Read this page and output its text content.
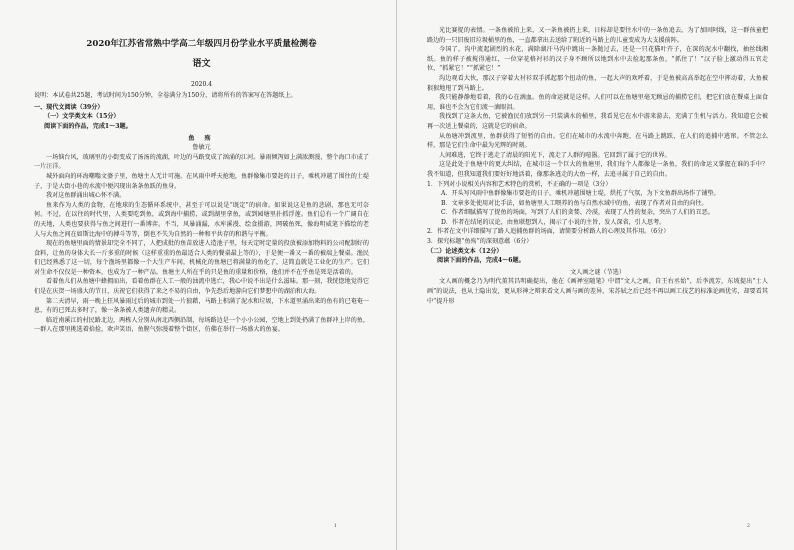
2020年江苏省常熟中学高二年级四月份学业水平质量检测卷
语文
2020.4
说明：本试卷共25题，考试时间为150分钟，全卷满分为150分，请将所有的答案写在答题纸上。
一、现代文阅读（39分）
（一）文学类文本（15分）
阅读下面的作品，完成1～3题。
鱼 殇
鲁敏元

一场恼台风，玻璃里的小街变成了汤汤的流湖，叶边的马路变成了汹涌的江河。暴雨倾泻如上满浓测漫，整个海口市成了一片汪洋。

城外面向的环海嘲嗡文婆子里，鱼塘主人无计可施。在风雨中呼天抢地，鱼群像集市要赶的日子，乘机冲越了围往的土堤子，于是大街小巷的水流中便闪现出条条鱼跃的鱼身。

我对这鱼群涌出城心怀不满。

鱼来作为人类的食物，在地球的生态循环系统中，甚至于可以说是“既定”的宿命。如果说这是鱼的悲剧，那也无可奈何。不过，在以往的时代里，人类要吃到鱼，或到海中捕捞，或到湖里拿鱼，或到园塘里扑抓浮莲。鱼们总有一个广阔自在的天地，人类也要获得与鱼之间进行一番博弈。不当，风暴涌漏，水库溪漫、绘食摄游，网破鱼死，像海明威笔下描绘的老人与大鱼之间在如斯比海中的搏斗等等，倒也不失为自然的一种和平共存的和谐与平衡。

现在的鱼塘里面的情景却完全不同了，人把成批的鱼苗放进人造池子里，每天定时定量的投放被添加物料的公司配制好的食料，让鱼的身体大长一斤多重的时候（这样重重的鱼最适合人类的餐桌最上等的），于是便一番又一番的被端上餐桌。渔民们已经熟悉了这一切，每个渔场里都像一个大生产车间，机械化的鱼塘已将满量的鱼化了，这简直就是工业化的生产。它们对生命不仅仅是一种资本，也成为了一种产品。鱼塘主人所在乎的只是鱼的重量和价格，他们并不在乎鱼是死是活着的。

看着鱼儿们从鱼塘中蜂拥而出，看着鱼群在人工一般的浊流中逃亡，我心中说不出是什么滋味。那一刻，我恍惚地觉得它们是在庆贺一场盛大的节日，庆祝它们获得了来之不易的自由，争先恐后地游向它们梦想中的湖泊和大海。

第二天清早，雨一晚上狂风暴雨过后的城市到处一片狼藉，马路上积满了泥水和垃圾，下水道里涌出来的鱼有的已奄奄一息，有的已死去多时了，像一条条被人类遗弃的精灵。

临近南溪江的村民路北边，两栋人分别从南北西侧沿制，每场路边是一个小小公园，空地上到处扔满了鱼群冲上岸的鱼，一群人在那里挑选着拾捡，欢声笑语，鱼腥气弥漫着整个街区，仿佛在举行一场盛大的鱼宴。

1

光比赛捉的表情。一条鱼被拍上来，又一条鱼被扔上来，日标却是要往水中的一条鱼追去。为了加固阿线，这一群孩童把路边的一只旧废旧垃圾桶里的鱼，一直都拿出去送给了附近的马路上的儿童变成为大支援前阵。

今国了，沟中流起剧烈的水花，满除湖汗马沟中跳出一条抛过去，还是一只花猫叶卉子，在深的泥水中翻找，抽丝线湘纸。鱼的样子被搅得通红，一位穿花格衬衫的汉子身不顾所以地到水中去捡起那条鱼，“抓住了！”汉子脸上激动得五官走位，“抓紧它！”“抓紧它！”

沟边观看大伙，那汉子穿着大衬衫双手抓起那个扭动的鱼，一起大声的欢呼着，于是鱼被高高举起在空中挥动着，大鱼被狠狠地甩了到马路上。

我只能静静地看着，我的心在滴血。鱼的命运就是这样。人们可以在鱼塘里毫无顾忌的捕捞它们，把它们放在餐桌上面食用，谁也不会为它们流一滴眼泪。

我找到了这条大鱼，它被渔民们放到另一只装满水的桶里，我看见它在水中游来游去，充满了生机与活力。我知道它会被再一次送上餐桌的，这就是它的宿命。

从鱼塘冲到流里，鱼群获得了短暂的自由。它们在城市的水流中奔跑，在马路上跳跃，在人们的追捕中逃窜。不管怎么样，那是它们生命中最为光辉的时刻。

人间难逃，它终于逃走了清晨的阳光下，流走了人群的喧嚣。它回到了属于它的世界。

这是此处于鱼塘中的更大纠结，在城市这一个巨大的鱼塘里，我们每个人都像是一条鱼，我们的命运又掌握在谁的手中？我不知道，但我知道我们要好好地活着，像那条逃走的大鱼一样，去追寻属于自己的自由。

1．下列对小说相关内容和艺术特色的赏析，不正确的一项是（3分）
A．开头写风雨中鱼群像集市要赶的日子，乘机冲越围塘土堤，烘托了气氛，为下文鱼群出场作了铺垫。
B．文章多处使用对比手法，如鱼塘里人工喂养的鱼与自然水域中的鱼，表现了作者对自由的向往。
C．作者细腻描写了捉鱼的场面，写到了人们的贪婪、冷漠，表现了人性的复杂，突出了人们的丑恶。
D．作者在结尾的议论，由鱼联想到人，揭示了小说的主旨，发人深省，引人思考。
2．作者在文中详细描写了路人追捕鱼群的场面，请简要分析路人的心理及其作用。（6分）
3．探究标题“鱼殇”的深刻意蕴（6分）
（二）论述类文本（12分）
阅读下面的作品，完成4～6题。
文人画之谜（节选）

文人画的概念乃为明代董其昌明确提出，他在《画禅室随笔》中谓“文人之画，自王右丞始”，后李流芳，东坡提出“士人画”的说法，也从土隐出发，更从形神之辩来看文人画与画的差异，宋苏轼之后已经不再以画工技艺的标准论画优劣，却要看其中“提升形

2
